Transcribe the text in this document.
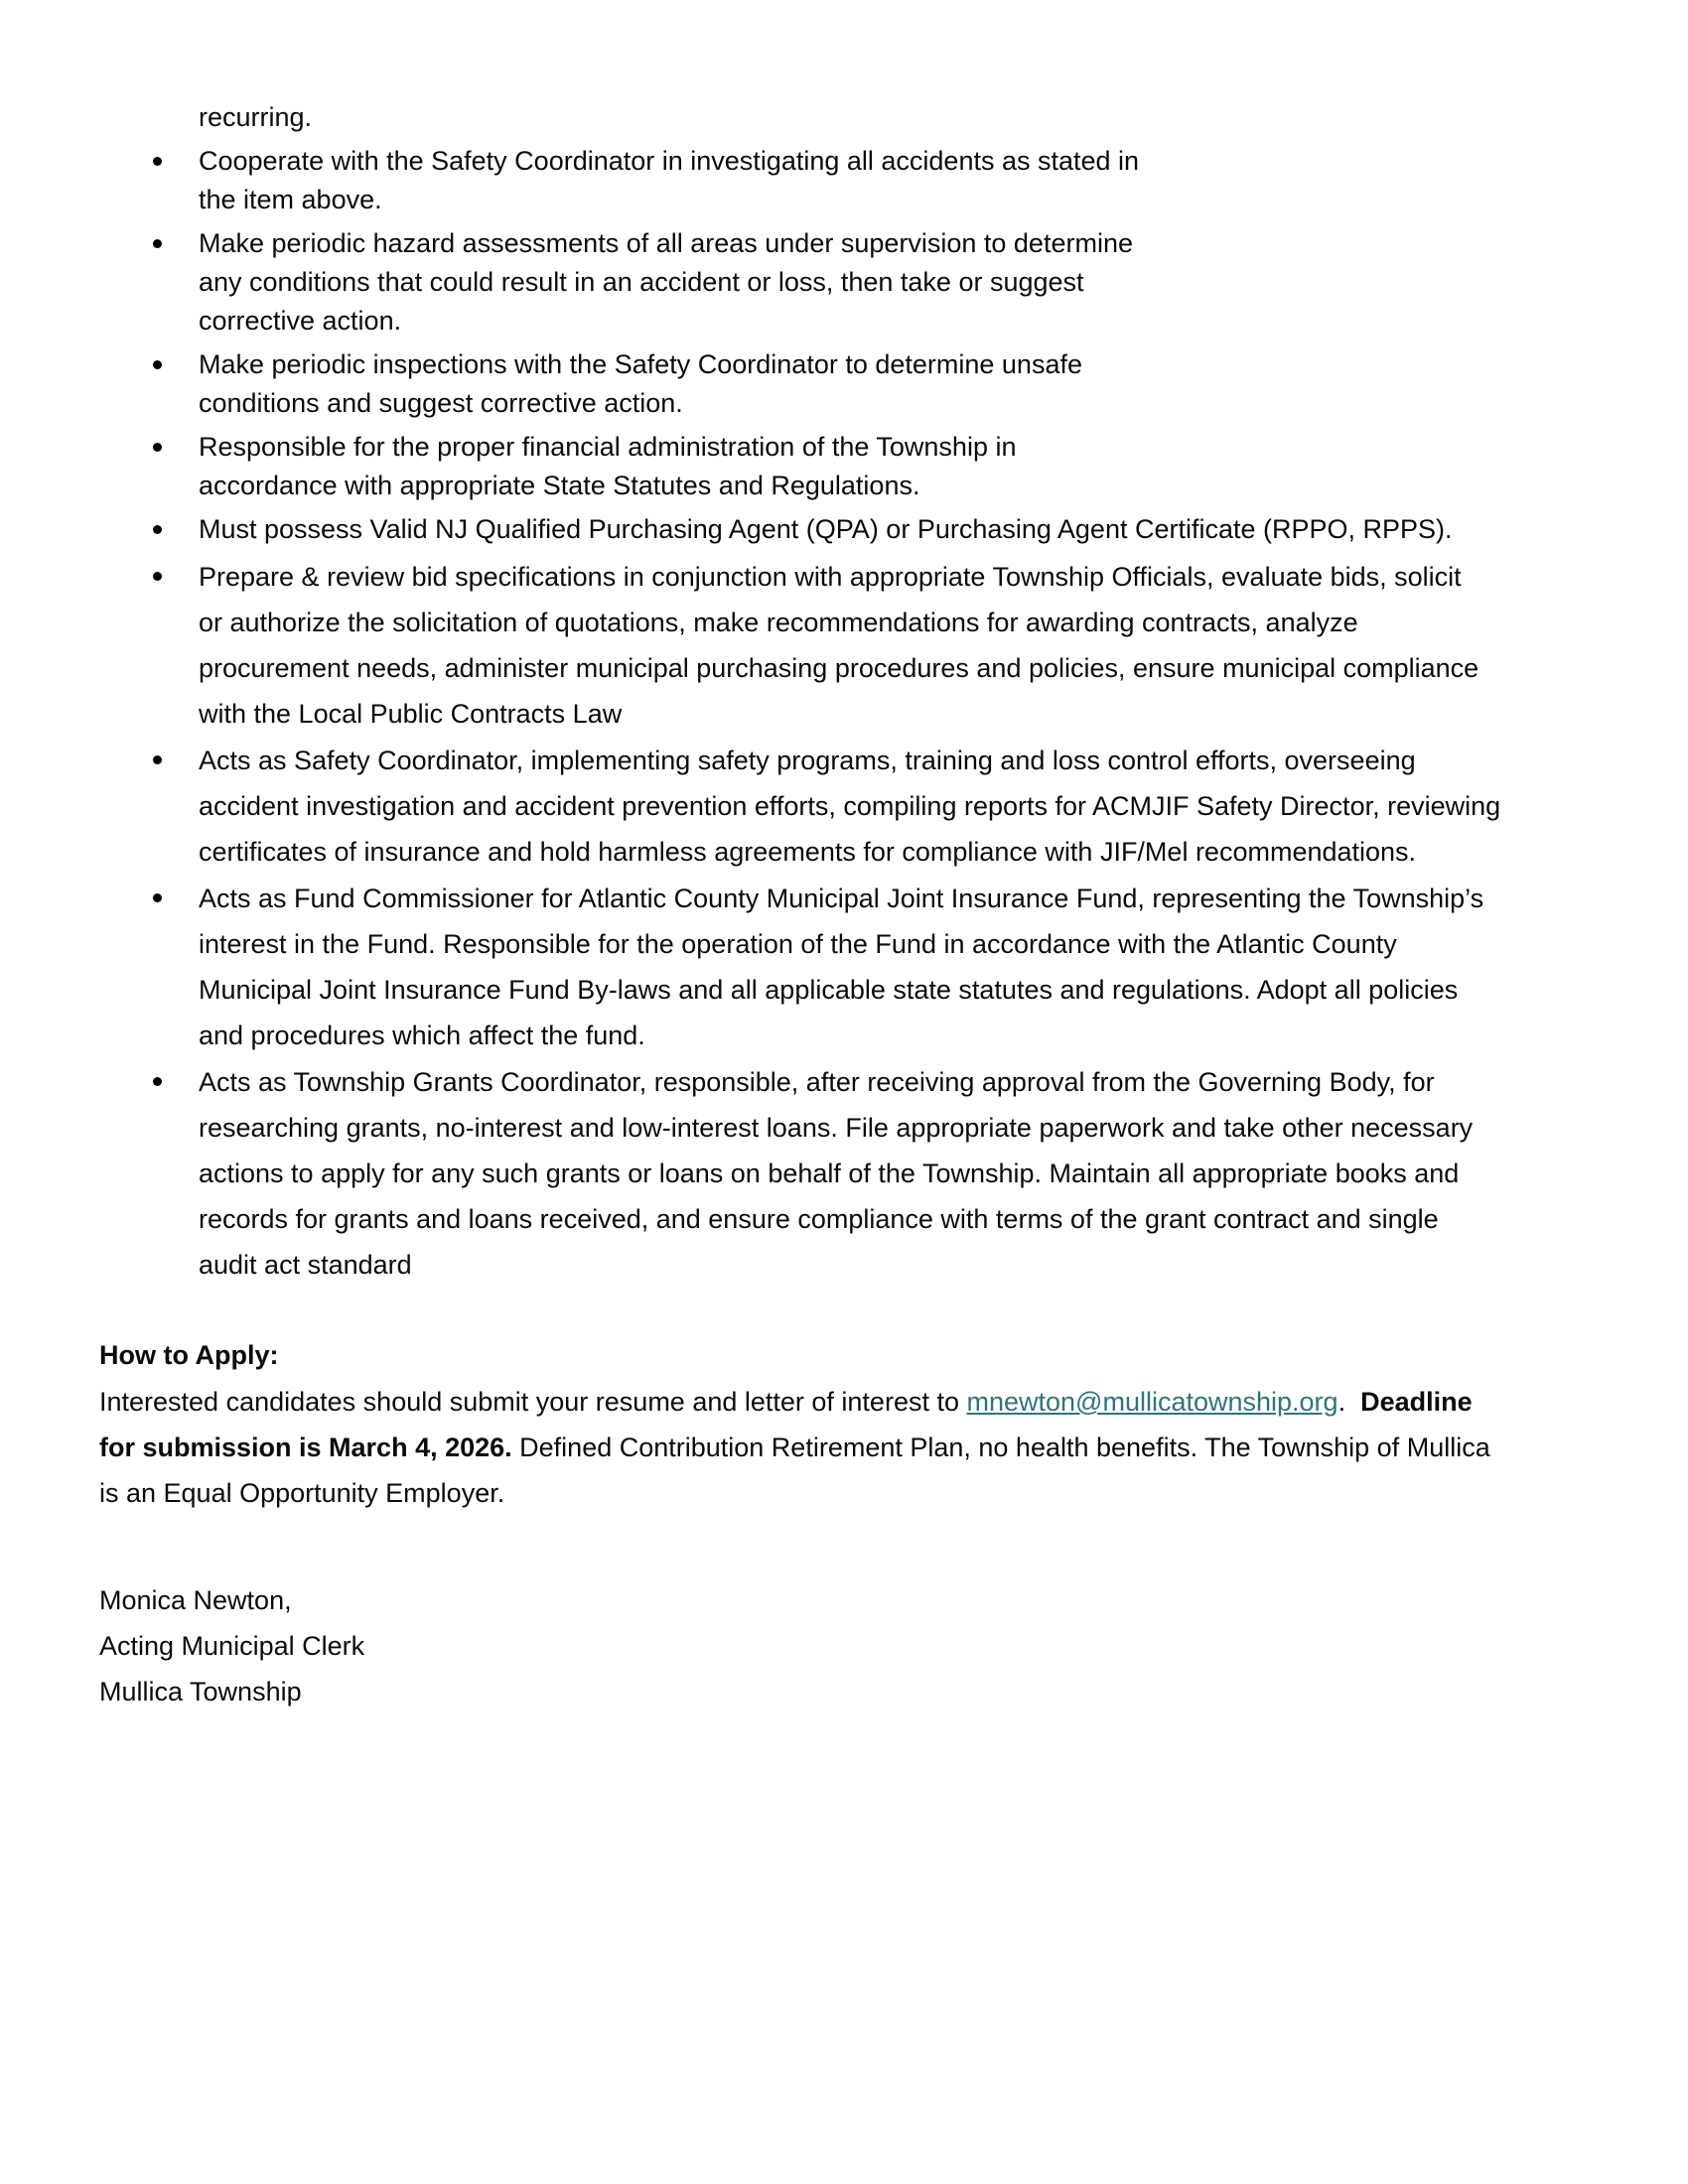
recurring.
Cooperate with the Safety Coordinator in investigating all accidents as stated in
the item above.
Make periodic hazard assessments of all areas under supervision to determine
any conditions that could result in an accident or loss, then take or suggest
corrective action.
Make periodic inspections with the Safety Coordinator to determine unsafe
conditions and suggest corrective action.
Responsible for the proper financial administration of the Township in
accordance with appropriate State Statutes and Regulations.
Must possess Valid NJ Qualified Purchasing Agent (QPA) or Purchasing Agent Certificate (RPPO, RPPS).
Prepare & review bid specifications in conjunction with appropriate Township Officials, evaluate bids, solicit
or authorize the solicitation of quotations, make recommendations for awarding contracts, analyze
procurement needs, administer municipal purchasing procedures and policies, ensure municipal compliance
with the Local Public Contracts Law
Acts as Safety Coordinator, implementing safety programs, training and loss control efforts, overseeing
accident investigation and accident prevention efforts, compiling reports for ACMJIF Safety Director, reviewing
certificates of insurance and hold harmless agreements for compliance with JIF/Mel recommendations.
Acts as Fund Commissioner for Atlantic County Municipal Joint Insurance Fund, representing the Township’s
interest in the Fund. Responsible for the operation of the Fund in accordance with the Atlantic County
Municipal Joint Insurance Fund By-laws and all applicable state statutes and regulations. Adopt all policies
and procedures which affect the fund.
Acts as Township Grants Coordinator, responsible, after receiving approval from the Governing Body, for
researching grants, no-interest and low-interest loans. File appropriate paperwork and take other necessary
actions to apply for any such grants or loans on behalf of the Township. Maintain all appropriate books and
records for grants and loans received, and ensure compliance with terms of the grant contract and single
audit act standard
How to Apply:
Interested candidates should submit your resume and letter of interest to mnewton@mullicatownship.org.  Deadline
for submission is March 4, 2026. Defined Contribution Retirement Plan, no health benefits. The Township of Mullica
is an Equal Opportunity Employer.
Monica Newton,
Acting Municipal Clerk
Mullica Township
